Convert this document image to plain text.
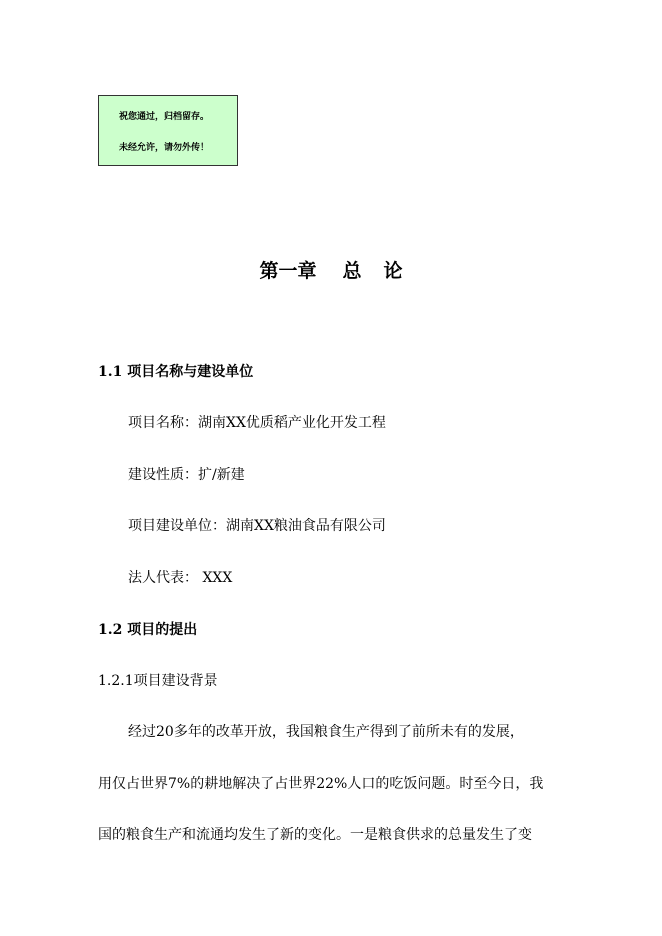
祝您通过，归档留存。
未经允许，请勿外传！
第一章 总论
1.1 项目名称与建设单位
项目名称：湖南XX优质稻产业化开发工程
建设性质：扩/新建
项目建设单位：湖南XX粮油食品有限公司
法人代表： XXX
1.2 项目的提出
1.2.1项目建设背景
经过20多年的改革开放，我国粮食生产得到了前所未有的发展，
用仅占世界7%的耕地解决了占世界22%人口的吃饭问题。时至今日，我
国的粮食生产和流通均发生了新的变化。一是粮食供求的总量发生了变
